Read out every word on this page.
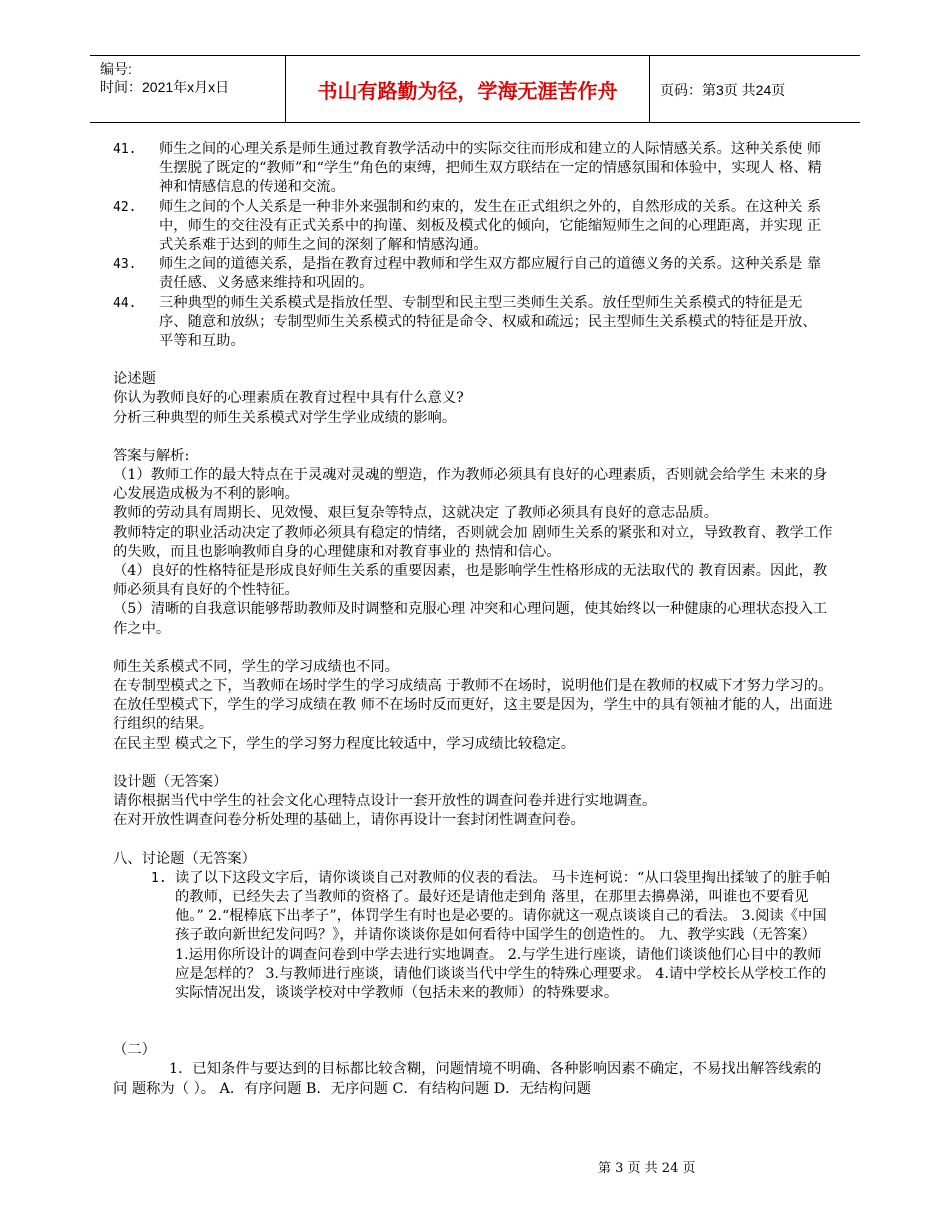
编号:
时间：2021年x月x日	书山有路勤为径，学海无涯苦作舟	页码：第3页 共24页
41. 师生之间的心理关系是师生通过教育教学活动中的实际交往而形成和建立的人际情感关系。这种关系使 师生摆脱了既定的“教师”和“学生”角色的束缚，把师生双方联结在一定的情感氛围和体验中，实现人 格、精神和情感信息的传递和交流。

42. 师生之间的个人关系是一种非外来强制和约束的，发生在正式组织之外的，自然形成的关系。在这种关 系中，师生的交往没有正式关系中的拘谨、刻板及模式化的倾向，它能缩短师生之间的心理距离，并实现 正式关系难于达到的师生之间的深刻了解和情感沟通。

43. 师生之间的道德关系，是指在教育过程中教师和学生双方都应履行自己的道德义务的关系。这种关系是 靠责任感、义务感来维持和巩固的。

44. 三种典型的师生关系模式是指放任型、专制型和民主型三类师生关系。放任型师生关系模式的特征是无 序、随意和放纵；专制型师生关系模式的特征是命令、权威和疏远；民主型师生关系模式的特征是开放、 平等和互助。

论述题

你认为教师良好的心理素质在教育过程中具有什么意义?

分析三种典型的师生关系模式对学生学业成绩的影响。

答案与解析:

（1）教师工作的最大特点在于灵魂对灵魂的塑造，作为教师必须具有良好的心理素质，否则就会给学生 未来的身心发展造成极为不利的影响。

教师的劳动具有周期长、见效慢、艰巨复杂等特点，这就决定 了教师必须具有良好的意志品质。

教师特定的职业活动决定了教师必须具有稳定的情绪，否则就会加 剧师生关系的紧张和对立，导致教育、教学工作的失败，而且也影响教师自身的心理健康和对教育事业的 热情和信心。

（4）良好的性格特征是形成良好师生关系的重要因素，也是影响学生性格形成的无法取代的 教育因素。因此，教师必须具有良好的个性特征。

（5）清晰的自我意识能够帮助教师及时调整和克服心理 冲突和心理问题，使其始终以一种健康的心理状态投入工作之中。

师生关系模式不同，学生的学习成绩也不同。

在专制型模式之下，当教师在场时学生的学习成绩高 于教师不在场时，说明他们是在教师的权威下才努力学习的。

在放任型模式下，学生的学习成绩在教 师不在场时反而更好，这主要是因为，学生中的具有领袖才能的人，出面进行组织的结果。

在民主型 模式之下，学生的学习努力程度比较适中，学习成绩比较稳定。

设计题（无答案）

请你根据当代中学生的社会文化心理特点设计一套开放性的调查问卷并进行实地调查。

在对开放性调查问卷分析处理的基础上，请你再设计一套封闭性调查问卷。

八、讨论题（无答案）

1. 读了以下这段文字后，请你谈谈自己对教师的仪表的看法。 马卡连柯说：“从口袋里掏出揉皱了的脏手帕的教师，已经失去了当教师的资格了。最好还是请他走到角 落里，在那里去擤鼻涕，叫谁也不要看见他。” 2.“棍棒底下出孝子”，体罚学生有时也是必要的。请你就这一观点谈谈自己的看法。 3.阅读《中国孩子敢向新世纪发问吗？》，并请你谈谈你是如何看待中国学生的创造性的。 九、教学实践（无答案） 1.运用你所设计的调查问卷到中学去进行实地调查。 2.与学生进行座谈，请他们谈谈他们心目中的教师应是怎样的？ 3.与教师进行座谈，请他们谈谈当代中学生的特殊心理要求。 4.请中学校长从学校工作的实际情况出发，谈谈学校对中学教师（包括未来的教师）的特殊要求。

（二）

1．已知条件与要达到的目标都比较含糊，问题情境不明确、各种影响因素不确定，不易找出解答线索的问 题称为（ ）。 A．有序问题 B．无序问题 C．有结构问题 D．无结构问题

第 3 页 共 24 页
